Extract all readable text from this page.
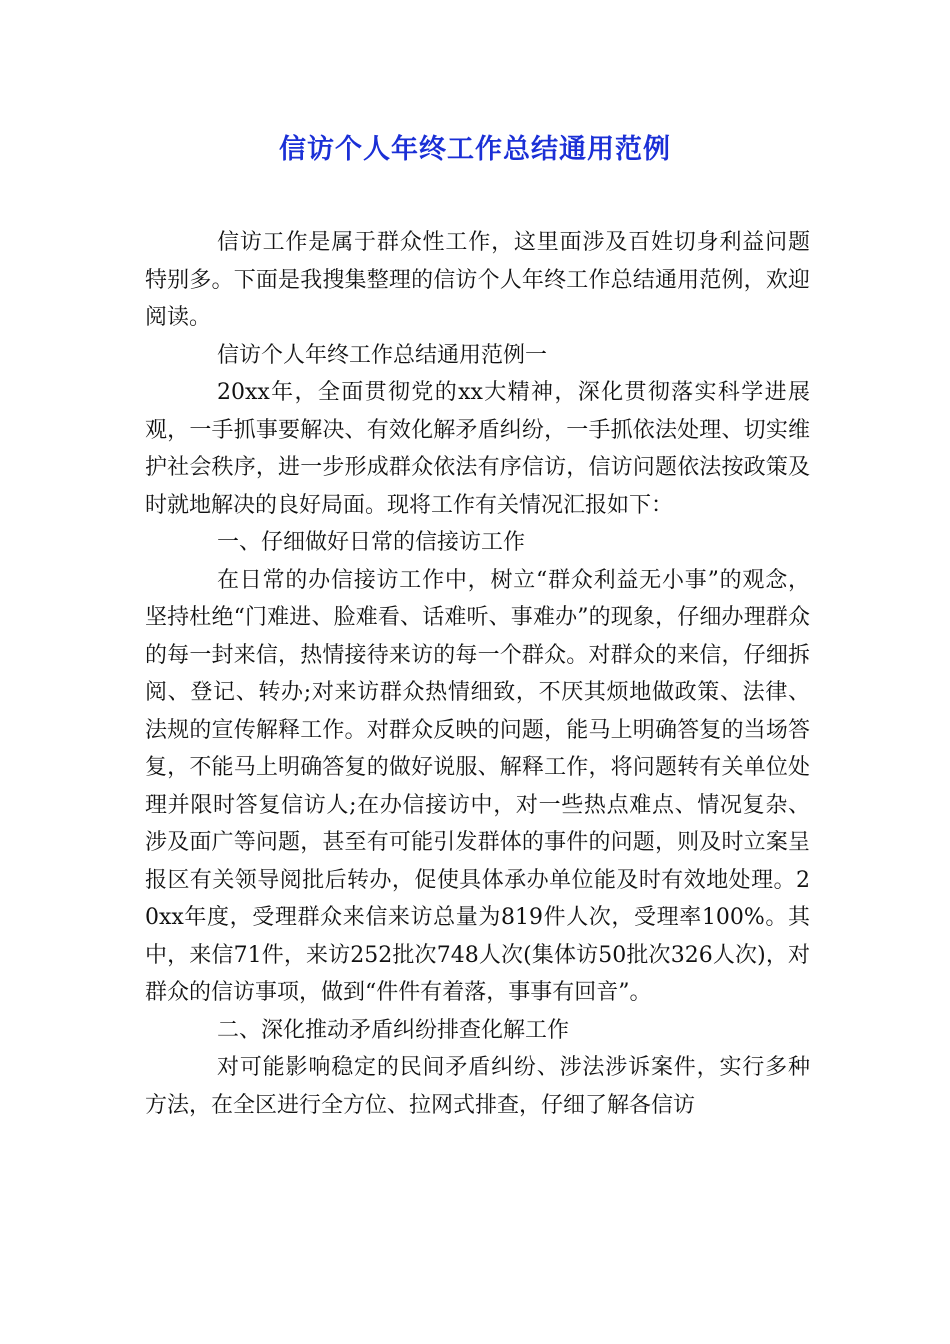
信访个人年终工作总结通用范例

信访工作是属于群众性工作，这里面涉及百姓切身利益问题特别多。下面是我搜集整理的信访个人年终工作总结通用范例，欢迎阅读。

信访个人年终工作总结通用范例一

20xx年，全面贯彻党的xx大精神，深化贯彻落实科学进展观，一手抓事要解决、有效化解矛盾纠纷，一手抓依法处理、切实维护社会秩序，进一步形成群众依法有序信访，信访问题依法按政策及时就地解决的良好局面。现将工作有关情况汇报如下：

一、仔细做好日常的信接访工作

在日常的办信接访工作中，树立“群众利益无小事”的观念，坚持杜绝“门难进、脸难看、话难听、事难办”的现象，仔细办理群众的每一封来信，热情接待来访的每一个群众。对群众的来信，仔细拆阅、登记、转办;对来访群众热情细致，不厌其烦地做政策、法律、法规的宣传解释工作。对群众反映的问题，能马上明确答复的当场答复，不能马上明确答复的做好说服、解释工作，将问题转有关单位处理并限时答复信访人;在办信接访中，对一些热点难点、情况复杂、涉及面广等问题，甚至有可能引发群体的事件的问题，则及时立案呈报区有关领导阅批后转办，促使具体承办单位能及时有效地处理。20xx年度，受理群众来信来访总量为819件人次，受理率100%。其中，来信71件，来访252批次748人次(集体访50批次326人次)，对群众的信访事项，做到“件件有着落，事事有回音”。

二、深化推动矛盾纠纷排查化解工作

对可能影响稳定的民间矛盾纠纷、涉法涉诉案件，实行多种方法，在全区进行全方位、拉网式排查，仔细了解各信访
